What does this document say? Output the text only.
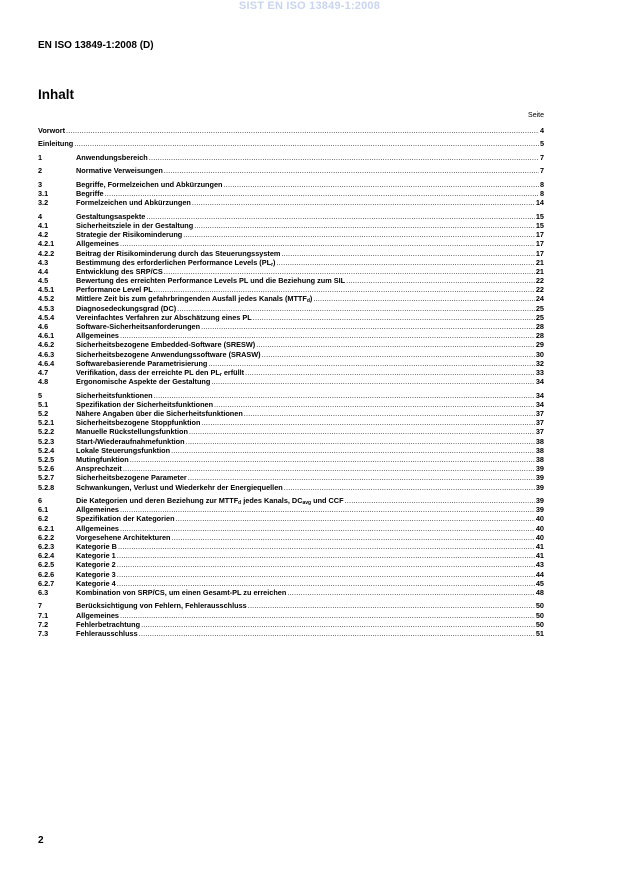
SIST EN ISO 13849-1:2008
EN ISO 13849-1:2008 (D)
Inhalt
Seite
Vorwort .....	4
Einleitung .....	5
1	Anwendungsbereich .....	7
2	Normative Verweisungen .....	7
3	Begriffe, Formelzeichen und Abkürzungen .....	8
3.1	Begriffe .....	8
3.2	Formelzeichen und Abkürzungen .....	14
4	Gestaltungsaspekte .....	15
4.1	Sicherheitsziele in der Gestaltung .....	15
4.2	Strategie der Risikominderung .....	17
4.2.1	Allgemeines .....	17
4.2.2	Beitrag der Risikominderung durch das Steuerungssystem .....	17
4.3	Bestimmung des erforderlichen Performance Levels $(PL_r)$ .....	21
4.4	Entwicklung des SRP/CS .....	21
4.5	Bewertung des erreichten Performance Levels PL und die Beziehung zum SIL .....	22
4.5.1	Performance Level PL .....	22
4.5.2	Mittlere Zeit bis zum gefahrbringenden Ausfall jedes Kanals $(MTTF_d)$ .....	24
4.5.3	Diagnosedeckungsgrad (DC) .....	25
4.5.4	Vereinfachtes Verfahren zur Abschätzung eines PL .....	25
4.6	Software-Sicherheitsanforderungen .....	28
4.6.1	Allgemeines .....	28
4.6.2	Sicherheitsbezogene Embedded-Software (SRESW) .....	29
4.6.3	Sicherheitsbezogene Anwendungssoftware (SRASW) .....	30
4.6.4	Softwarebasierende Parametrisierung .....	32
4.7	Verifikation, dass der erreichte PL den $PL_r$ erfüllt .....	33
4.8	Ergonomische Aspekte der Gestaltung .....	34
5	Sicherheitsfunktionen .....	34
5.1	Spezifikation der Sicherheitsfunktionen .....	34
5.2	Nähere Angaben über die Sicherheitsfunktionen .....	37
5.2.1	Sicherheitsbezogene Stoppfunktion .....	37
5.2.2	Manuelle Rückstellungsfunktion .....	37
5.2.3	Start-/Wiederaufnahmefunktion .....	38
5.2.4	Lokale Steuerungsfunktion .....	38
5.2.5	Mutingfunktion .....	38
5.2.6	Ansprechzeit .....	39
5.2.7	Sicherheitsbezogene Parameter .....	39
5.2.8	Schwankungen, Verlust und Wiederkehr der Energiequellen .....	39
6	Die Kategorien und deren Beziehung zur $MTTF_d$ jedes Kanals, $DC_{avg}$ und CCF .....	39
6.1	Allgemeines .....	39
6.2	Spezifikation der Kategorien .....	40
6.2.1	Allgemeines .....	40
6.2.2	Vorgesehene Architekturen .....	40
6.2.3	Kategorie B .....	41
6.2.4	Kategorie 1 .....	41
6.2.5	Kategorie 2 .....	43
6.2.6	Kategorie 3 .....	44
6.2.7	Kategorie 4 .....	45
6.3	Kombination von SRP/CS, um einen Gesamt-PL zu erreichen .....	48
7	Berücksichtigung von Fehlern, Fehlerausschluss .....	50
7.1	Allgemeines .....	50
7.2	Fehlerbetrachtung .....	50
7.3	Fehlerausschluss .....	51
2
